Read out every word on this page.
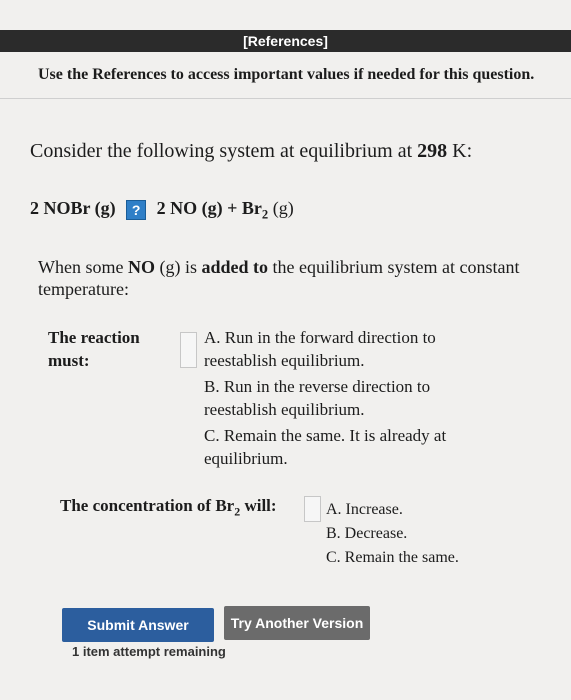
[References]
Use the References to access important values if needed for this question.
Consider the following system at equilibrium at 298 K:
2 NOBr (g) ? 2 NO $(g) + Br_2$ (g)
When some NO (g) is added to the equilibrium system at constant temperature:
The reaction
must:
A. Run in the forward direction to reestablish equilibrium.
B. Run in the reverse direction to reestablish equilibrium.
C. Remain the same. It is already at equilibrium.
The concentration of $Br_2$ will:	A. Increase.
B. Decrease.
C. Remain the same.
Submit Answer	Try Another Version
1 item attempt remaining
